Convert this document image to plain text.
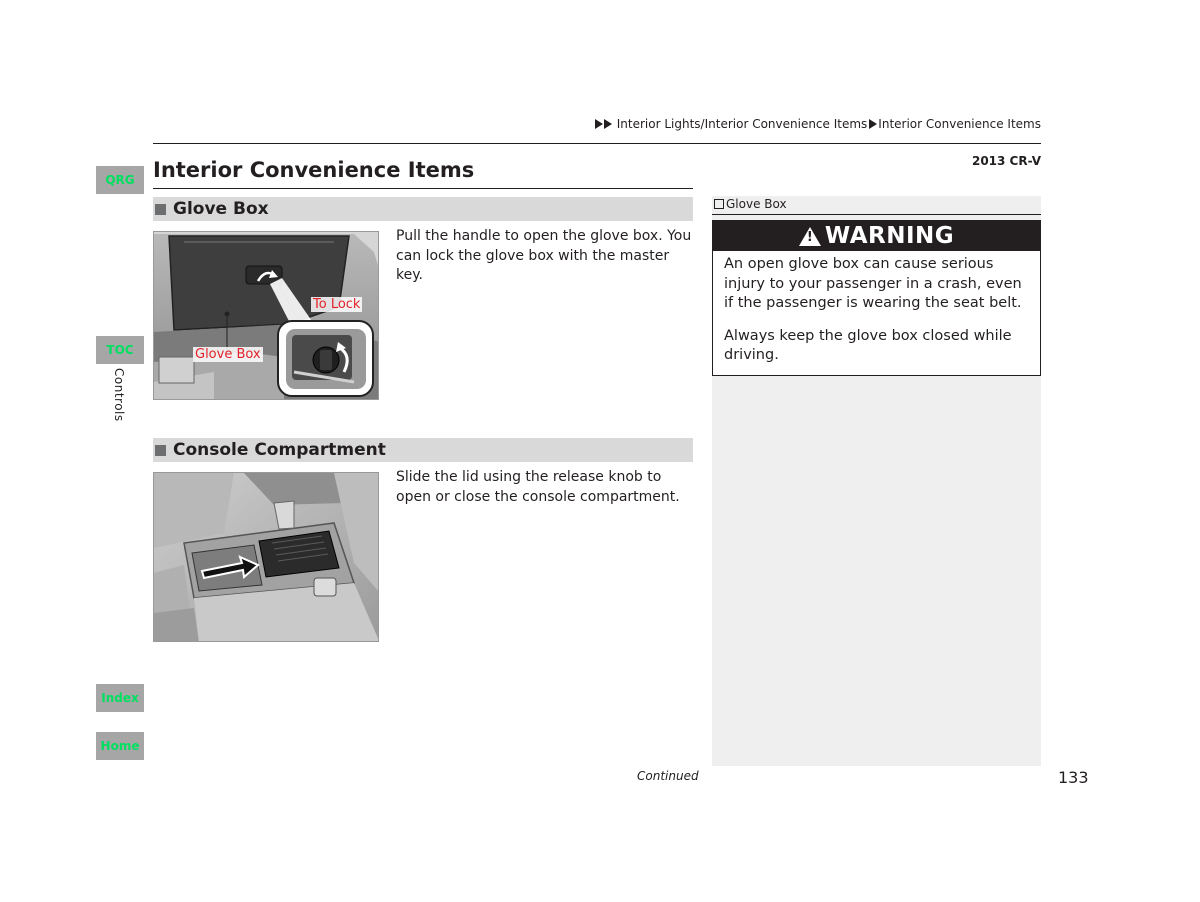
Interior Lights/Interior Convenience Items Interior Convenience Items
2013 CR-V
QRG
TOC
Controls
Index
Home
Interior Convenience Items
Glove Box
To Lock
Glove Box

Pull the handle to open the glove box. You can lock the glove box with the master key.

Console Compartment

Slide the lid using the release knob to open or close the console compartment.

Glove Box
! WARNING

An open glove box can cause serious injury to your passenger in a crash, even if the passenger is wearing the seat belt.

Always keep the glove box closed while driving.

Continued	133
